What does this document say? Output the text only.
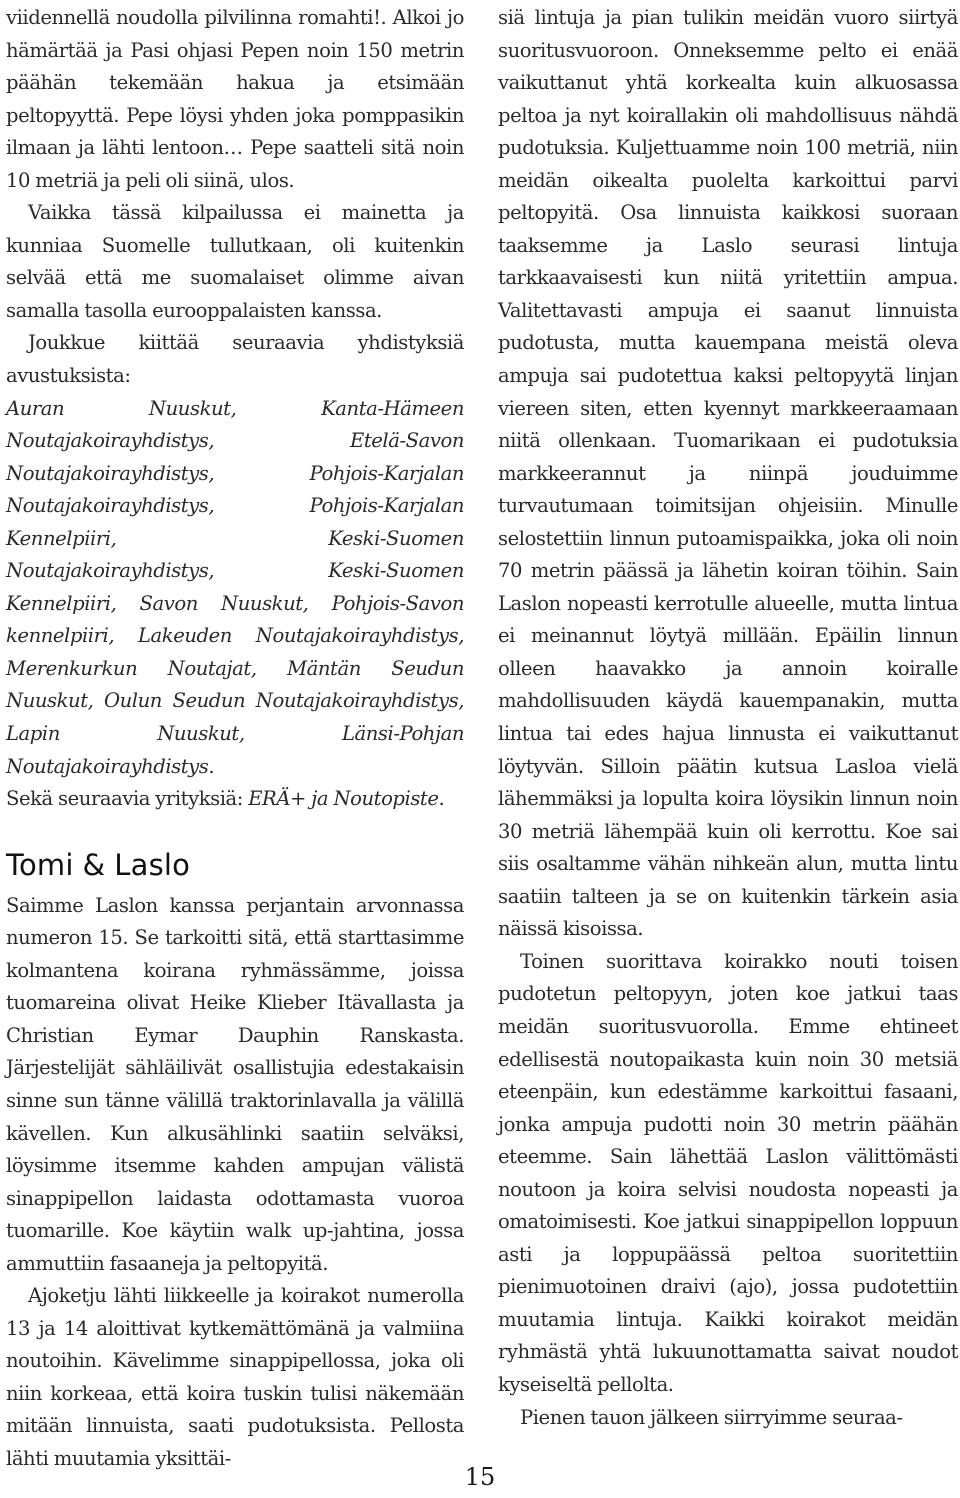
viidennellä noudolla pilvilinna romahti!. Alkoi jo hämärtää ja Pasi ohjasi Pepen noin 150 metrin päähän tekemään hakua ja etsimään peltopyyttä. Pepe löysi yhden joka pomppasikin ilmaan ja lähti lentoon… Pepe saatteli sitä noin 10 metriä ja peli oli siinä, ulos.

Vaikka tässä kilpailussa ei mainetta ja kunniaa Suomelle tullutkaan, oli kuitenkin selvää että me suomalaiset olimme aivan samalla tasolla eurooppalaisten kanssa.

Joukkue kiittää seuraavia yhdistyksiä avustuksista:

Auran Nuuskut, Kanta-Hämeen Noutajakoirayhdistys, Etelä-Savon Noutajakoirayhdistys, Pohjois-Karjalan Noutajakoirayhdistys, Pohjois-Karjalan Kennelpiiri, Keski-Suomen Noutajakoirayhdistys, Keski-Suomen Kennelpiiri, Savon Nuuskut, Pohjois-Savon kennelpiiri, Lakeuden Noutajakoirayhdistys, Merenkurkun Noutajat, Mäntän Seudun Nuuskut, Oulun Seudun Noutajakoirayhdistys, Lapin Nuuskut, Länsi-Pohjan Noutajakoirayhdistys.

Sekä seuraavia yrityksiä: ERÄ+ ja Noutopiste.

Tomi & Laslo

Saimme Laslon kanssa perjantain arvonnassa numeron 15. Se tarkoitti sitä, että starttasimme kolmantena koirana ryhmässämme, joissa tuomareina olivat Heike Klieber Itävallasta ja Christian Eymar Dauphin Ranskasta. Järjestelijät sähläilivät osallistujia edestakaisin sinne sun tänne välillä traktorinlavalla ja välillä kävellen. Kun alkusählinki saatiin selväksi, löysimme itsemme kahden ampujan välistä sinappipellon laidasta odottamasta vuoroa tuomarille. Koe käytiin walk up-jahtina, jossa ammuttiin fasaaneja ja peltopyitä.

Ajoketju lähti liikkeelle ja koirakot numerolla 13 ja 14 aloittivat kytkemättömänä ja valmiina noutoihin. Kävelimme sinappipellossa, joka oli niin korkeaa, että koira tuskin tulisi näkemään mitään linnuista, saati pudotuksista. Pellosta lähti muutamia yksittäi-

siä lintuja ja pian tulikin meidän vuoro siirtyä suoritusvuoroon. Onneksemme pelto ei enää vaikuttanut yhtä korkealta kuin alkuosassa peltoa ja nyt koirallakin oli mahdollisuus nähdä pudotuksia. Kuljettuamme noin 100 metriä, niin meidän oikealta puolelta karkoittui parvi peltopyitä. Osa linnuista kaikkosi suoraan taaksemme ja Laslo seurasi lintuja tarkkaavaisesti kun niitä yritettiin ampua. Valitettavasti ampuja ei saanut linnuista pudotusta, mutta kauempana meistä oleva ampuja sai pudotettua kaksi peltopyytä linjan viereen siten, etten kyennyt markkeeraamaan niitä ollenkaan. Tuomarikaan ei pudotuksia markkeerannut ja niinpä jouduimme turvautumaan toimitsijan ohjeisiin. Minulle selostettiin linnun putoamispaikka, joka oli noin 70 metrin päässä ja lähetin koiran töihin. Sain Laslon nopeasti kerrotulle alueelle, mutta lintua ei meinannut löytyä millään. Epäilin linnun olleen haavakko ja annoin koiralle mahdollisuuden käydä kauempanakin, mutta lintua tai edes hajua linnusta ei vaikuttanut löytyvän. Silloin päätin kutsua Lasloa vielä lähemmäksi ja lopulta koira löysikin linnun noin 30 metriä lähempää kuin oli kerrottu. Koe sai siis osaltamme vähän nihkeän alun, mutta lintu saatiin talteen ja se on kuitenkin tärkein asia näissä kisoissa.

Toinen suorittava koirakko nouti toisen pudotetun peltopyyn, joten koe jatkui taas meidän suoritusvuorolla. Emme ehtineet edellisestä noutopaikasta kuin noin 30 metsiä eteenpäin, kun edestämme karkoittui fasaani, jonka ampuja pudotti noin 30 metrin päähän eteemme. Sain lähettää Laslon välittömästi noutoon ja koira selvisi noudosta nopeasti ja omatoimisesti. Koe jatkui sinappipellon loppuun asti ja loppupäässä peltoa suoritettiin pienimuotoinen draivi (ajo), jossa pudotettiin muutamia lintuja. Kaikki koirakot meidän ryhmästä yhtä lukuunottamatta saivat noudot kyseiseltä pellolta.

Pienen tauon jälkeen siirryimme seuraa-

15
